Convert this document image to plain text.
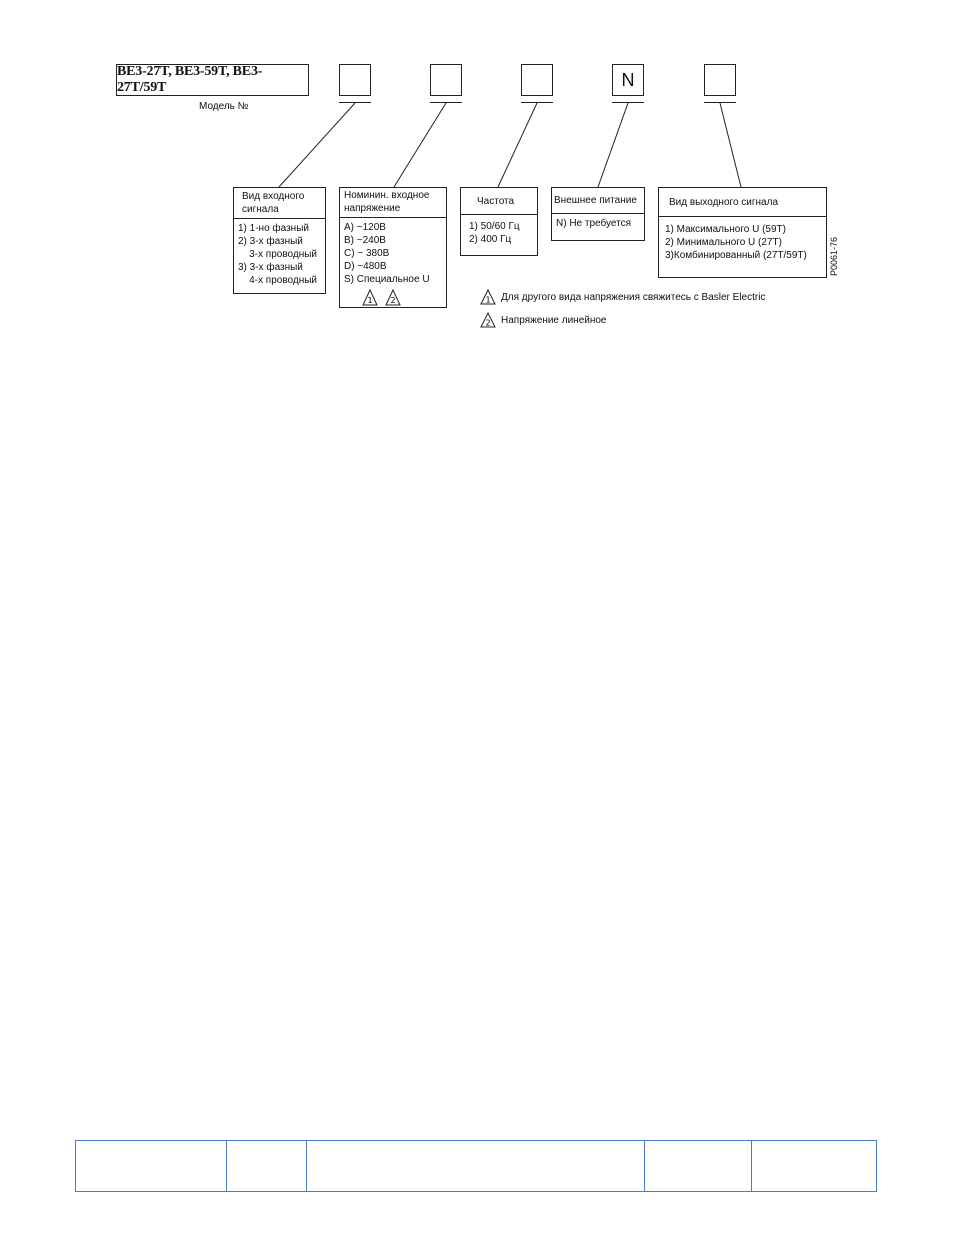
BE3-27T, BE3-59T, BE3-27T/59T
Модель №
N
Вид входного
сигнала
1) 1-но фазный
2) 3-х фазный
3-х проводный
3) 3-х фазный
4-х проводный
Номинин. входное
напряжение
A) ~120В
B) ~240В
C) ~ 380В
D) ~480В
S) Специальное U
1 2
Частота
1) 50/60 Гц
2) 400 Гц
Внешнее питание
N) Не требуется
Вид выходного сигнала
1) Максимального U (59T)
2) Минимального U (27T)
3)Комбинированный (27T/59T)	P0061-76
1 Для другого вида напряжения свяжитесь с Basler Electric
2 Напряжение линейное
